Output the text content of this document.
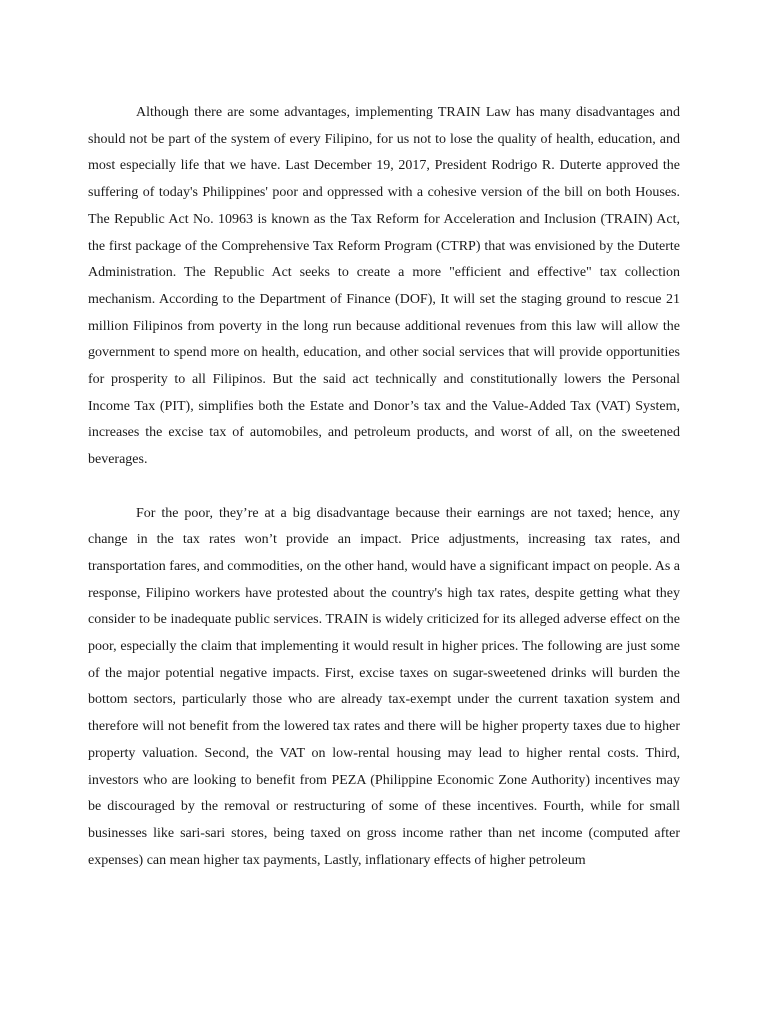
Although there are some advantages, implementing TRAIN Law has many disadvantages and should not be part of the system of every Filipino, for us not to lose the quality of health, education, and most especially life that we have. Last December 19, 2017, President Rodrigo R. Duterte approved the suffering of today's Philippines' poor and oppressed with a cohesive version of the bill on both Houses. The Republic Act No. 10963 is known as the Tax Reform for Acceleration and Inclusion (TRAIN) Act, the first package of the Comprehensive Tax Reform Program (CTRP) that was envisioned by the Duterte Administration. The Republic Act seeks to create a more "efficient and effective" tax collection mechanism. According to the Department of Finance (DOF), It will set the staging ground to rescue 21 million Filipinos from poverty in the long run because additional revenues from this law will allow the government to spend more on health, education, and other social services that will provide opportunities for prosperity to all Filipinos. But the said act technically and constitutionally lowers the Personal Income Tax (PIT), simplifies both the Estate and Donor’s tax and the Value-Added Tax (VAT) System, increases the excise tax of automobiles, and petroleum products, and worst of all, on the sweetened beverages.

For the poor, they’re at a big disadvantage because their earnings are not taxed; hence, any change in the tax rates won’t provide an impact. Price adjustments, increasing tax rates, and transportation fares, and commodities, on the other hand, would have a significant impact on people. As a response, Filipino workers have protested about the country's high tax rates, despite getting what they consider to be inadequate public services. TRAIN is widely criticized for its alleged adverse effect on the poor, especially the claim that implementing it would result in higher prices. The following are just some of the major potential negative impacts. First, excise taxes on sugar-sweetened drinks will burden the bottom sectors, particularly those who are already tax-exempt under the current taxation system and therefore will not benefit from the lowered tax rates and there will be higher property taxes due to higher property valuation. Second, the VAT on low-rental housing may lead to higher rental costs. Third, investors who are looking to benefit from PEZA (Philippine Economic Zone Authority) incentives may be discouraged by the removal or restructuring of some of these incentives. Fourth, while for small businesses like sari-sari stores, being taxed on gross income rather than net income (computed after expenses) can mean higher tax payments, Lastly, inflationary effects of higher petroleum
